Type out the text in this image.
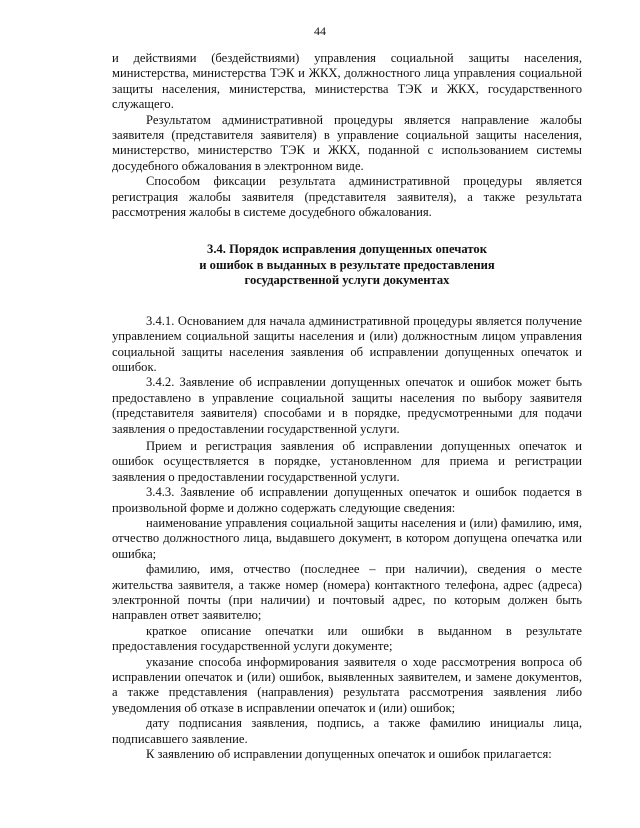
44

и действиями (бездействиями) управления социальной защиты населения, министерства, министерства ТЭК и ЖКХ, должностного лица управления социальной защиты населения, министерства, министерства ТЭК и ЖКХ, государственного служащего.

Результатом административной процедуры является направление жалобы заявителя (представителя заявителя) в управление социальной защиты населения, министерство, министерство ТЭК и ЖКХ, поданной с использованием системы досудебного обжалования в электронном виде.

Способом фиксации результата административной процедуры является регистрация жалобы заявителя (представителя заявителя), а также результата рассмотрения жалобы в системе досудебного обжалования.

3.4. Порядок исправления допущенных опечаток
и ошибок в выданных в результате предоставления
государственной услуги документах

3.4.1. Основанием для начала административной процедуры является получение управлением социальной защиты населения и (или) должностным лицом управления социальной защиты населения заявления об исправлении допущенных опечаток и ошибок.

3.4.2. Заявление об исправлении допущенных опечаток и ошибок может быть предоставлено в управление социальной защиты населения по выбору заявителя (представителя заявителя) способами и в порядке, предусмотренными для подачи заявления о предоставлении государственной услуги.

Прием и регистрация заявления об исправлении допущенных опечаток и ошибок осуществляется в порядке, установленном для приема и регистрации заявления о предоставлении государственной услуги.

3.4.3. Заявление об исправлении допущенных опечаток и ошибок подается в произвольной форме и должно содержать следующие сведения:

наименование управления социальной защиты населения и (или) фамилию, имя, отчество должностного лица, выдавшего документ, в котором допущена опечатка или ошибка;

фамилию, имя, отчество (последнее – при наличии), сведения о месте жительства заявителя, а также номер (номера) контактного телефона, адрес (адреса) электронной почты (при наличии) и почтовый адрес, по которым должен быть направлен ответ заявителю;

краткое описание опечатки или ошибки в выданном в результате предоставления государственной услуги документе;

указание способа информирования заявителя о ходе рассмотрения вопроса об исправлении опечаток и (или) ошибок, выявленных заявителем, и замене документов, а также представления (направления) результата рассмотрения заявления либо уведомления об отказе в исправлении опечаток и (или) ошибок;

дату подписания заявления, подпись, а также фамилию инициалы лица, подписавшего заявление.

К заявлению об исправлении допущенных опечаток и ошибок прилагается:
